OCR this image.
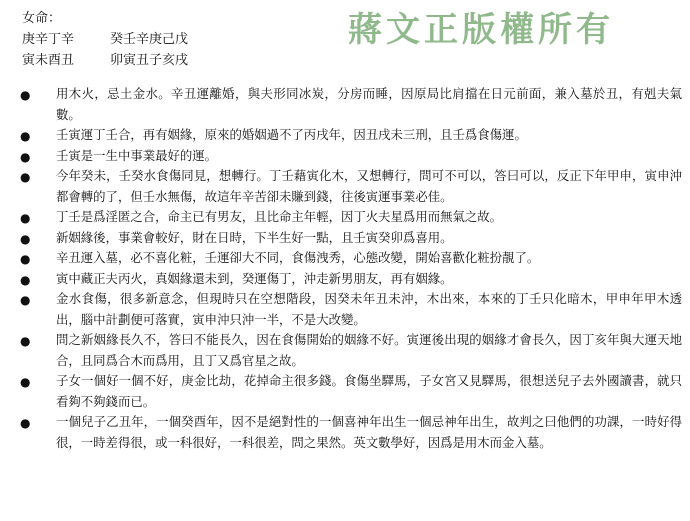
女命：
庚辛丁辛	癸壬辛庚己戊
寅未酉丑	卯寅丑子亥戌
蔣文正版權所有
● 用木火，忌土金水。辛丑運離婚，與夫形同冰炭，分房而睡，因原局比肩擋在日元前面，兼入墓於丑，有剋夫氣數。
● 壬寅運丁壬合，再有姻緣，原來的婚姻過不了丙戌年，因丑戌未三刑，且壬爲食傷運。
● 壬寅是一生中事業最好的運。
● 今年癸未，壬癸水食傷同見，想轉行。丁壬藉寅化木，又想轉行，問可不可以，答曰可以，反正下年甲申，寅申沖都會轉的了，但壬水無傷，故這年辛苦卻未賺到錢，往後寅運事業必佳。
● 丁壬是爲淫匿之合，命主已有男友，且比命主年輕，因丁火夫星爲用而無氣之故。
● 新姻緣後，事業會較好，財在日時，下半生好一點，且壬寅癸卯爲喜用。
● 辛丑運入墓，必不喜化粧，壬運卻大不同，食傷洩秀，心態改變，開始喜歡化粧扮靚了。
● 寅中藏正夫丙火，真姻緣還未到，癸運傷丁，沖走新男朋友，再有姻緣。
● 金水食傷，很多新意念，但現時只在空想階段，因癸未年丑未沖，木出來，本來的丁壬只化暗木，甲申年甲木透出，腦中計劃便可落實，寅申沖只沖一半，不是大改變。
● 問之新姻緣長久不，答曰不能長久，因在食傷開始的姻緣不好。寅運後出現的姻緣才會長久，因丁亥年與大運天地合，且同爲合木而爲用，且丁又爲官星之故。
● 子女一個好一個不好，庚金比劫，花掉命主很多錢。食傷坐驛馬，子女宮又見驛馬，很想送兒子去外國讀書，就只看夠不夠錢而已。
● 一個兒子乙丑年，一個癸酉年，因不是絕對性的一個喜神年出生一個忌神年出生，故判之曰他們的功課，一時好得很，一時差得很，或一科很好，一科很差，問之果然。英文數學好，因爲是用木而金入墓。
